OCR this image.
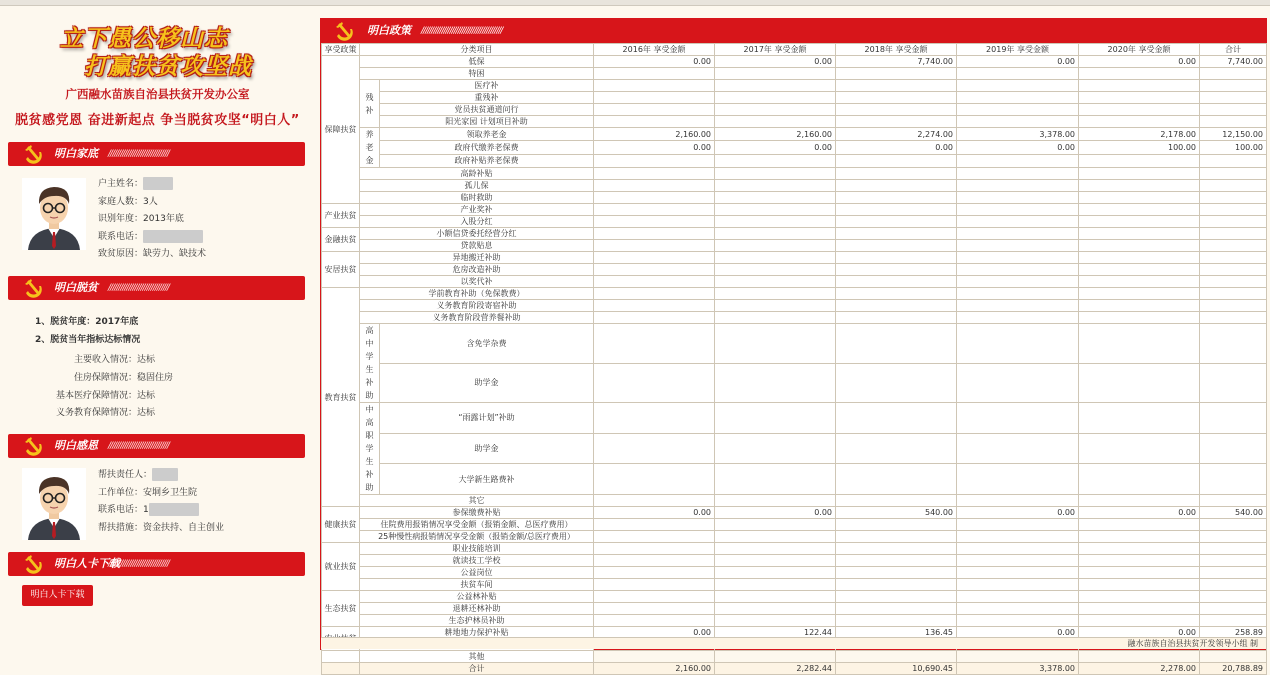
立下愚公移山志
打赢扶贫攻坚战
广西融水苗族自治县扶贫开发办公室
脱贫感党恩 奋进新起点 争当脱贫攻坚“明白人”
明白家底 //////////////////////////////
户主姓名：
家庭人数：3人
识别年度：2013年底
联系电话：
致贫原因：缺劳力、缺技术
明白脱贫 //////////////////////////////
1、脱贫年度：2017年底
2、脱贫当年指标达标情况
主要收入情况：达标
住房保障情况：稳固住房
基本医疗保障情况：达标
义务教育保障情况：达标
明白感恩 //////////////////////////////
帮扶责任人：
工作单位：安垌乡卫生院
联系电话：1
帮扶措施：资金扶持、自主创业
明白人卡下载
//////////////////////////////
明白人卡下载
明白政策 ////////////////////////////////////////
享受政策	分类项目		2016年 享受金额	2017年 享受金额	2018年 享受金额	2019年 享受金额	2020年 享受金额	合计
保障扶贫	低保		0.00	0.00	7,740.00	0.00	0.00	7,740.00
	特困							
	残补	医疗补						
		重残补						
		党员扶贫通道问行						
		阳光家园 计划项目补助						
	养老金	领取养老金	2,160.00	2,160.00	2,274.00	3,378.00	2,178.00	12,150.00
		政府代缴养老保费	0.00	0.00	0.00	0.00	100.00	100.00
		政府补贴养老保费						
	高龄补贴							
	孤儿保							
	临时救助							
产业扶贫	产业奖补							
	入股分红							
金融扶贫	小额信贷委托经营分红							
	贷款贴息							
安居扶贫	异地搬迁补助							
	危房改造补助							
	以奖代补							
教育扶贫	学前教育补助（免保教费）							
	义务教育阶段寄宿补助							
	义务教育阶段营养餐补助							
	高中学生补助	含免学杂费						
		助学金						
	中高职学生补助	“雨露计划”补助						
		助学金						
		大学新生路费补						
	其它							
健康扶贫	参保缴费补贴		0.00	0.00	540.00	0.00	0.00	540.00
	住院费用报销情况享受金额（报销金额、总医疗费用）							
	25种慢性病报销情况享受金额（报销金额/总医疗费用）							
就业扶贫	职业技能培训							
	就读技工学校							
	公益岗位							
	扶贫车间							
生态扶贫	公益林补贴							
	退耕还林补助							
	生态护林员补助							
	耕地地力保护补贴		0.00	122.44	136.45	0.00	0.00	258.89

	其他							
	合计		2,160.00	2,282.44	10,690.45	3,378.00	2,278.00	20,788.89
融水苗族自治县扶贫开发领导小组 制
